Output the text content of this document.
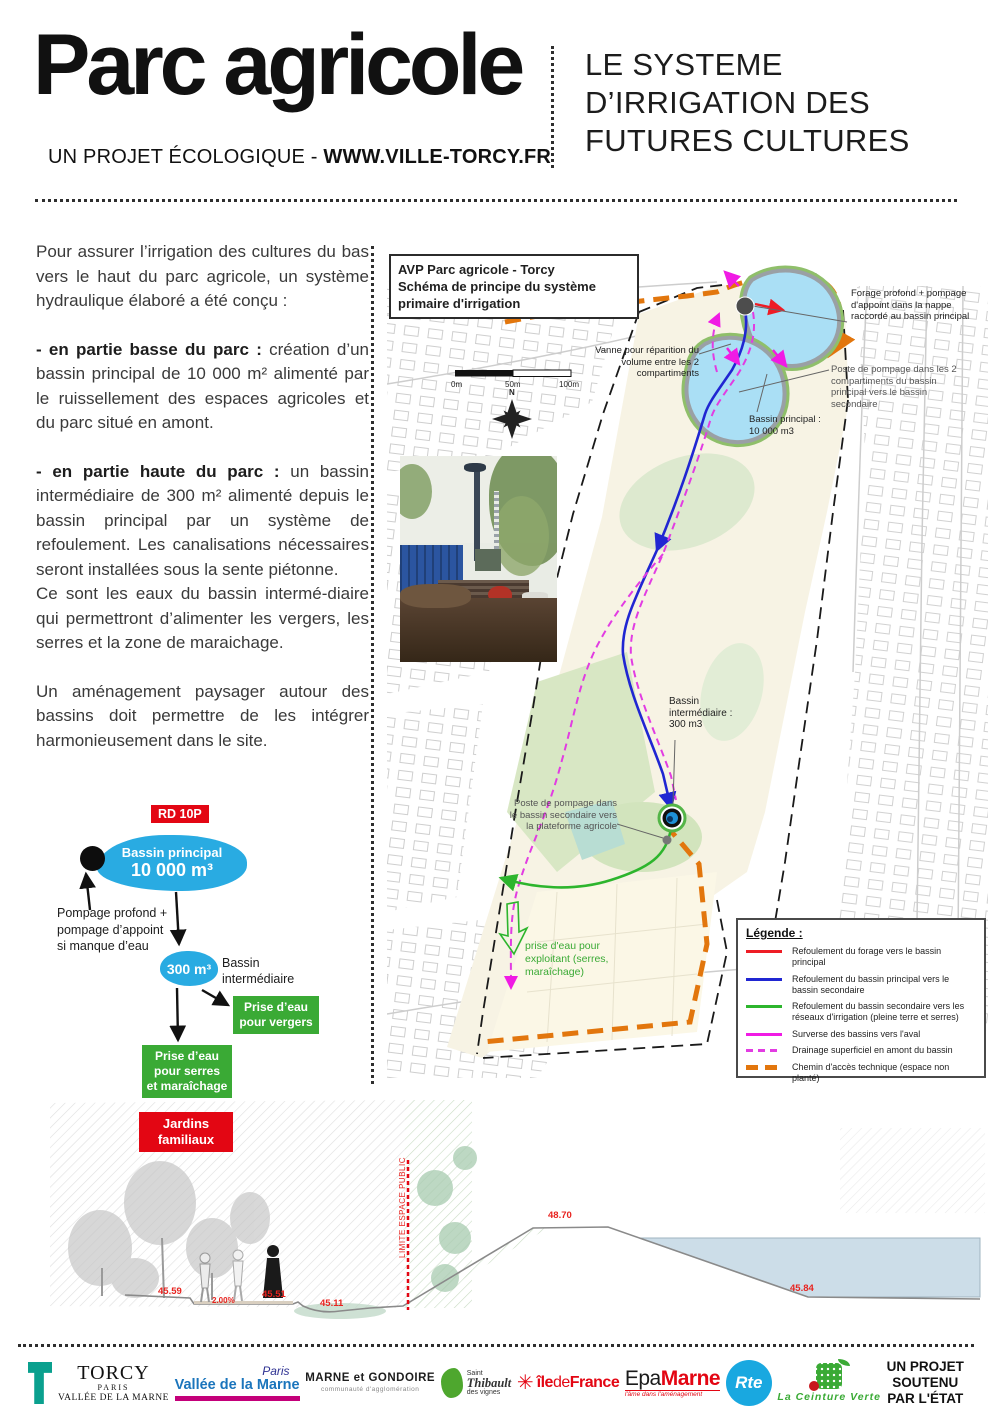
Parc agricole
UN PROJET ÉCOLOGIQUE - WWW.VILLE-TORCY.FR
LE SYSTEME
D’IRRIGATION DES
FUTURES CULTURES

Pour assurer l’irrigation des cultures du bas vers le haut du parc agricole, un système hydraulique élaboré a été conçu :

- en partie basse du parc : création d’un bassin principal de 10 000 m² alimenté par le ruissellement des espaces agricoles et du parc situé en amont.

- en partie haute du parc : un bassin intermédiaire de 300 m² alimenté depuis le bassin principal par un système de refoulement. Les canalisations nécessaires seront installées sous la sente piétonne.

Ce sont les eaux du bassin intermé-diaire qui permettront d’alimenter les vergers, les serres et la zone de maraichage.

Un aménagement paysager autour des bassins doit permettre de les intégrer harmonieusement dans le site.

RD 10P
Bassin principal
10 000 m³
Pompage profond + pompage d’appoint si manque d’eau
300 m³ Bassin
intermédiaire
Prise d’eau
pour vergers
Prise d’eau
pour serres
et maraîchage
AVP Parc agricole - Torcy
Schéma de principe du système primaire d'irrigation
0m	50m	100m
N
Vanne pour réparition du volume entre les 2 compartiments
Forage profond + pompage d'appoint dans la nappe raccordé au bassin principal
Poste de pompage dans les 2 compartiments du bassin principal vers le bassin secondaire
Bassin principal : 10 000 m3
Bassin intermédiaire : 300 m3
Poste de pompage dans le bassin secondaire vers la plateforme agricole
prise d'eau pour exploitant (serres, maraîchage)
Légende :
Refoulement du forage vers le bassin principal
Refoulement du bassin principal vers le bassin secondaire
Refoulement du bassin secondaire vers les réseaux d'irrigation (pleine terre et serres)
Surverse des bassins vers l'aval
Drainage superficiel en amont du bassin
Chemin d'accès technique (espace non planté)
Jardins
familiaux
45.59
2.00%
45.51
45.11
48.70
45.84
LIMITE ESPACE PUBLIC
TORCY
PARIS
VALLÉE DE LA MARNE
Paris
Vallée de la Marne MARNE et GONDOIRE
communauté d'agglomération
Saint
Thibault
des vignes ✳ îledeFrance EpaMarne
l'âme dans l'aménagement
Rte
La Ceinture Verte
UN PROJET
SOUTENU
PAR L'ÉTAT
